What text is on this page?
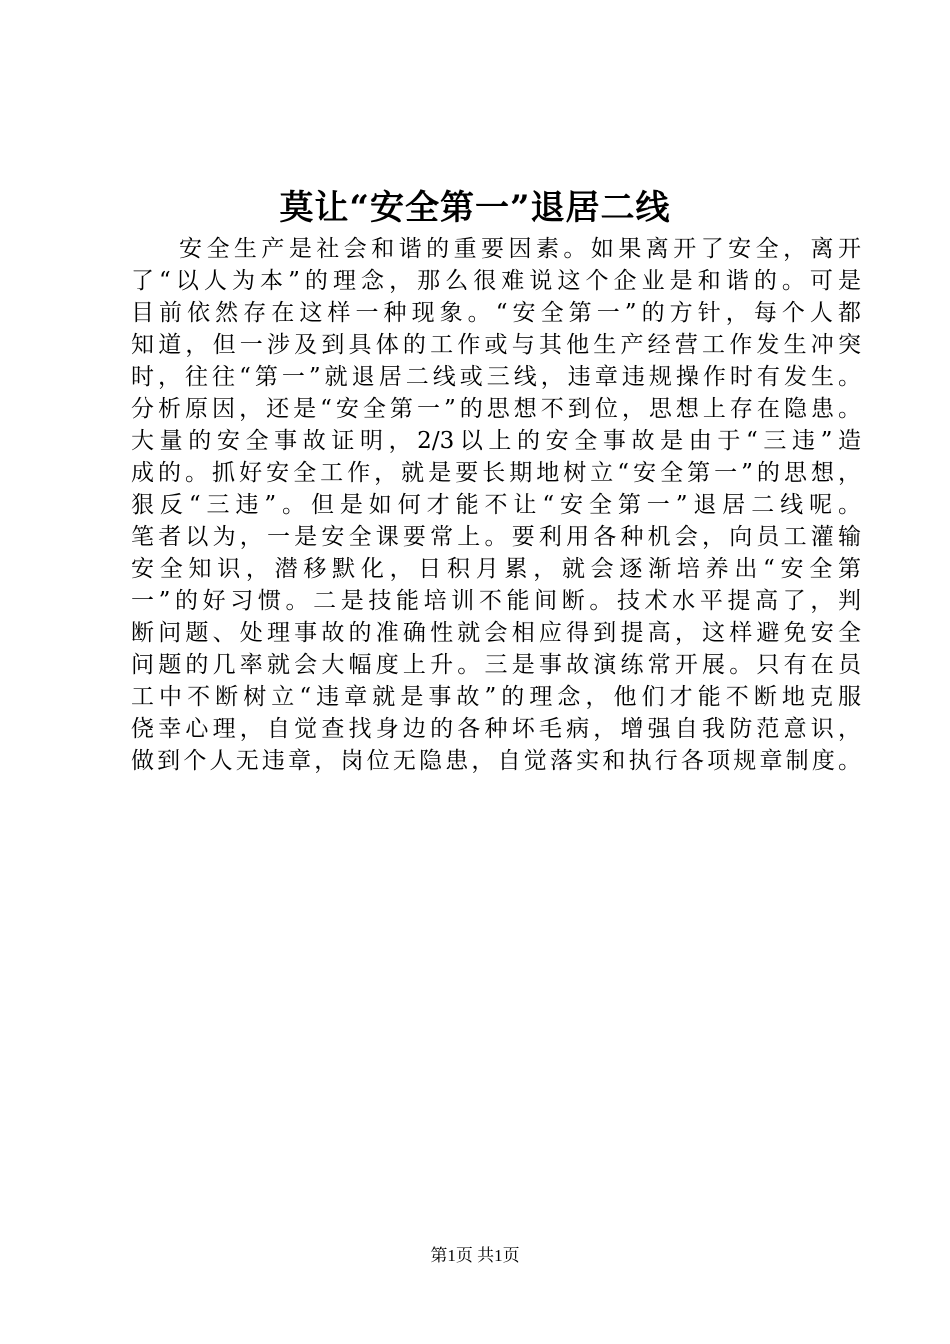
莫让“安全第一”退居二线
安全生产是社会和谐的重要因素。如果离开了安全，离开
了“以人为本”的理念，那么很难说这个企业是和谐的。可是
目前依然存在这样一种现象。“安全第一”的方针，每个人都
知道，但一涉及到具体的工作或与其他生产经营工作发生冲突
时，往往“第一”就退居二线或三线，违章违规操作时有发生。
分析原因，还是“安全第一”的思想不到位，思想上存在隐患。
大量的安全事故证明，2/3以上的安全事故是由于“三违”造
成的。抓好安全工作，就是要长期地树立“安全第一”的思想，
狠反“三违”。但是如何才能不让“安全第一”退居二线呢。
笔者以为，一是安全课要常上。要利用各种机会，向员工灌输
安全知识，潜移默化，日积月累，就会逐渐培养出“安全第
一”的好习惯。二是技能培训不能间断。技术水平提高了，判
断问题、处理事故的准确性就会相应得到提高，这样避免安全
问题的几率就会大幅度上升。三是事故演练常开展。只有在员
工中不断树立“违章就是事故”的理念，他们才能不断地克服
侥幸心理，自觉查找身边的各种坏毛病，增强自我防范意识，
做到个人无违章，岗位无隐患，自觉落实和执行各项规章制度。
第1页 共1页
